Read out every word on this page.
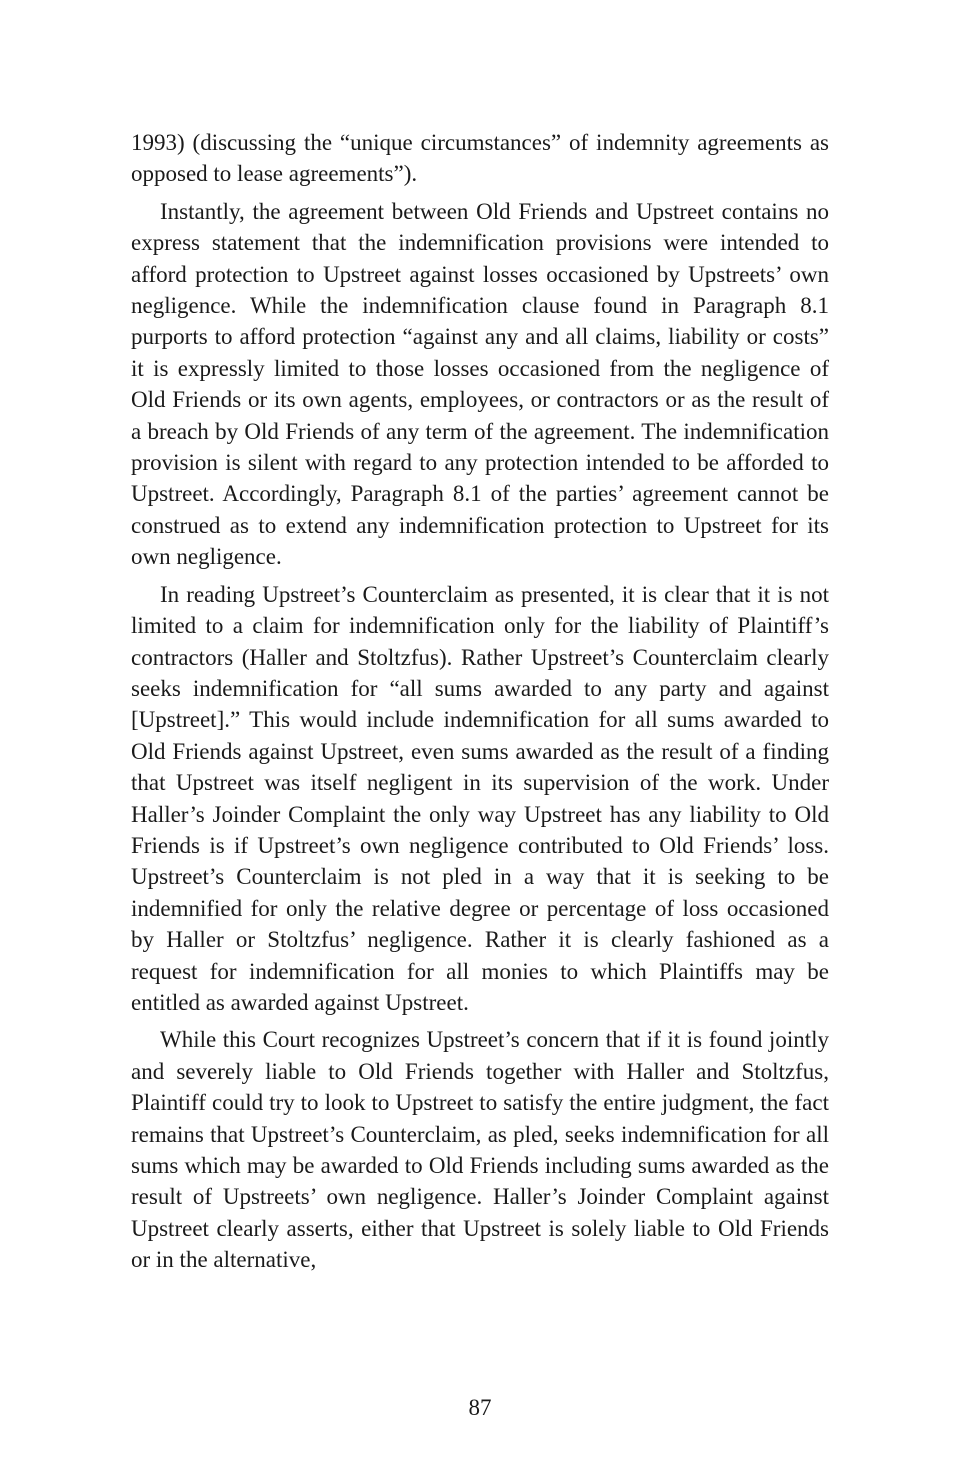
1993) (discussing the “unique circumstances” of indemnity agreements as opposed to lease agreements”).

Instantly, the agreement between Old Friends and Upstreet contains no express statement that the indemnification provisions were intended to afford protection to Upstreet against losses occasioned by Upstreets’ own negligence. While the indemnification clause found in Paragraph 8.1 purports to afford protection “against any and all claims, liability or costs” it is expressly limited to those losses occasioned from the negligence of Old Friends or its own agents, employees, or contractors or as the result of a breach by Old Friends of any term of the agreement. The indemnification provision is silent with regard to any protection intended to be afforded to Upstreet. Accordingly, Paragraph 8.1 of the parties’ agreement cannot be construed as to extend any indemnification protection to Upstreet for its own negligence.

In reading Upstreet’s Counterclaim as presented, it is clear that it is not limited to a claim for indemnification only for the liability of Plaintiff’s contractors (Haller and Stoltzfus). Rather Upstreet’s Counterclaim clearly seeks indemnification for “all sums awarded to any party and against [Upstreet].” This would include indemnification for all sums awarded to Old Friends against Upstreet, even sums awarded as the result of a finding that Upstreet was itself negligent in its supervision of the work. Under Haller’s Joinder Complaint the only way Upstreet has any liability to Old Friends is if Upstreet’s own negligence contributed to Old Friends’ loss. Upstreet’s Counterclaim is not pled in a way that it is seeking to be indemnified for only the relative degree or percentage of loss occasioned by Haller or Stoltzfus’ negligence. Rather it is clearly fashioned as a request for indemnification for all monies to which Plaintiffs may be entitled as awarded against Upstreet.

While this Court recognizes Upstreet’s concern that if it is found jointly and severely liable to Old Friends together with Haller and Stoltzfus, Plaintiff could try to look to Upstreet to satisfy the entire judgment, the fact remains that Upstreet’s Counterclaim, as pled, seeks indemnification for all sums which may be awarded to Old Friends including sums awarded as the result of Upstreets’ own negligence. Haller’s Joinder Complaint against Upstreet clearly asserts, either that Upstreet is solely liable to Old Friends or in the alternative,

87
